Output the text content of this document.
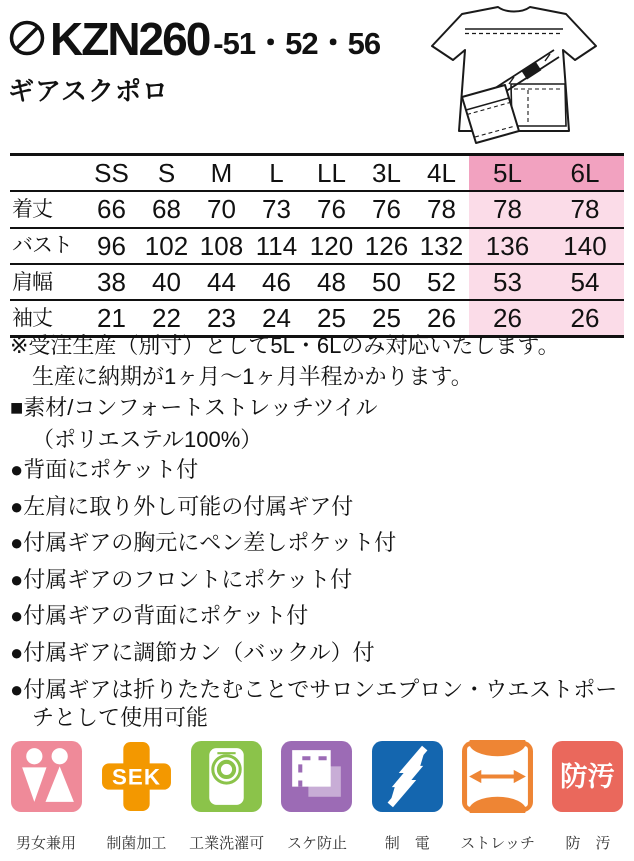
KZN260 -51・52・56
ギアスクポロ
	SS	S	M	L	LL	3L	4L	5L	6L
着丈	66	68	70	73	76	76	78	78	78
バスト	96	102	108	114	120	126	132	136	140
肩幅	38	40	44	46	48	50	52	53	54
袖丈	21	22	23	24	25	25	26	26	26
※受注生産（別寸）として5L・6Lのみ対応いたします。
生産に納期が1ヶ月～1ヶ月半程かかります。
■素材/コンフォートストレッチツイル
（ポリエステル100%）
●背面にポケット付
●左肩に取り外し可能の付属ギア付
●付属ギアの胸元にペン差しポケット付
●付属ギアのフロントにポケット付
●付属ギアの背面にポケット付
●付属ギアに調節カン（バックル）付
●付属ギアは折りたたむことでサロンエプロン・ウエストポーチとして使用可能
男女兼用
SEK
制菌加工	工業洗濯可	スケ防止	制　電	ストレッチ
防汚
防　汚
